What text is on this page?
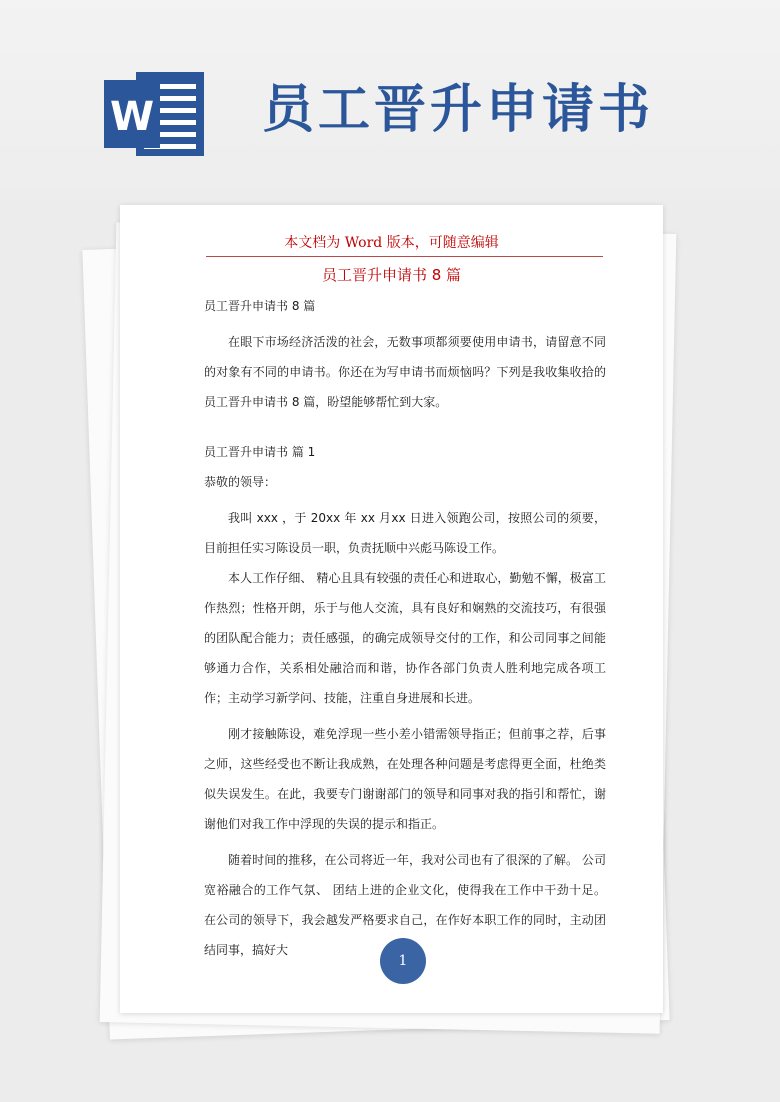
W 员工晋升申请书
本文档为 Word 版本，可随意编辑
员工晋升申请书 8 篇

员工晋升申请书 8 篇

在眼下市场经济活泼的社会，无数事项都须要使用申请书，请留意不同的对象有不同的申请书。你还在为写申请书而烦恼吗？下列是我收集收拾的员工晋升申请书 8 篇，盼望能够帮忙到大家。

员工晋升申请书 篇 1

恭敬的领导：

我叫 xxx ，于 20xx 年 xx 月xx 日进入领跑公司，按照公司的须要，目前担任实习陈设员一职，负责抚顺中兴彪马陈设工作。

本人工作仔细、 精心且具有较强的责任心和进取心，勤勉不懈，极富工作热烈；性格开朗，乐于与他人交流，具有良好和娴熟的交流技巧，有很强的团队配合能力；责任感强，的确完成领导交付的工作，和公司同事之间能够通力合作，关系相处融洽而和谐，协作各部门负责人胜利地完成各项工作；主动学习新学问、技能，注重自身进展和长进。

刚才接触陈设，难免浮现一些小差小错需领导指正；但前事之荐，后事之师，这些经受也不断让我成熟，在处理各种问题是考虑得更全面，杜绝类似失误发生。在此，我要专门谢谢部门的领导和同事对我的指引和帮忙，谢谢他们对我工作中浮现的失误的提示和指正。

随着时间的推移，在公司将近一年，我对公司也有了很深的了解。 公司宽裕融合的工作气氛、 团结上进的企业文化，使得我在工作中干劲十足。 在公司的领导下，我会越发严格要求自己，在作好本职工作的同时，主动团结同事，搞好大

1
